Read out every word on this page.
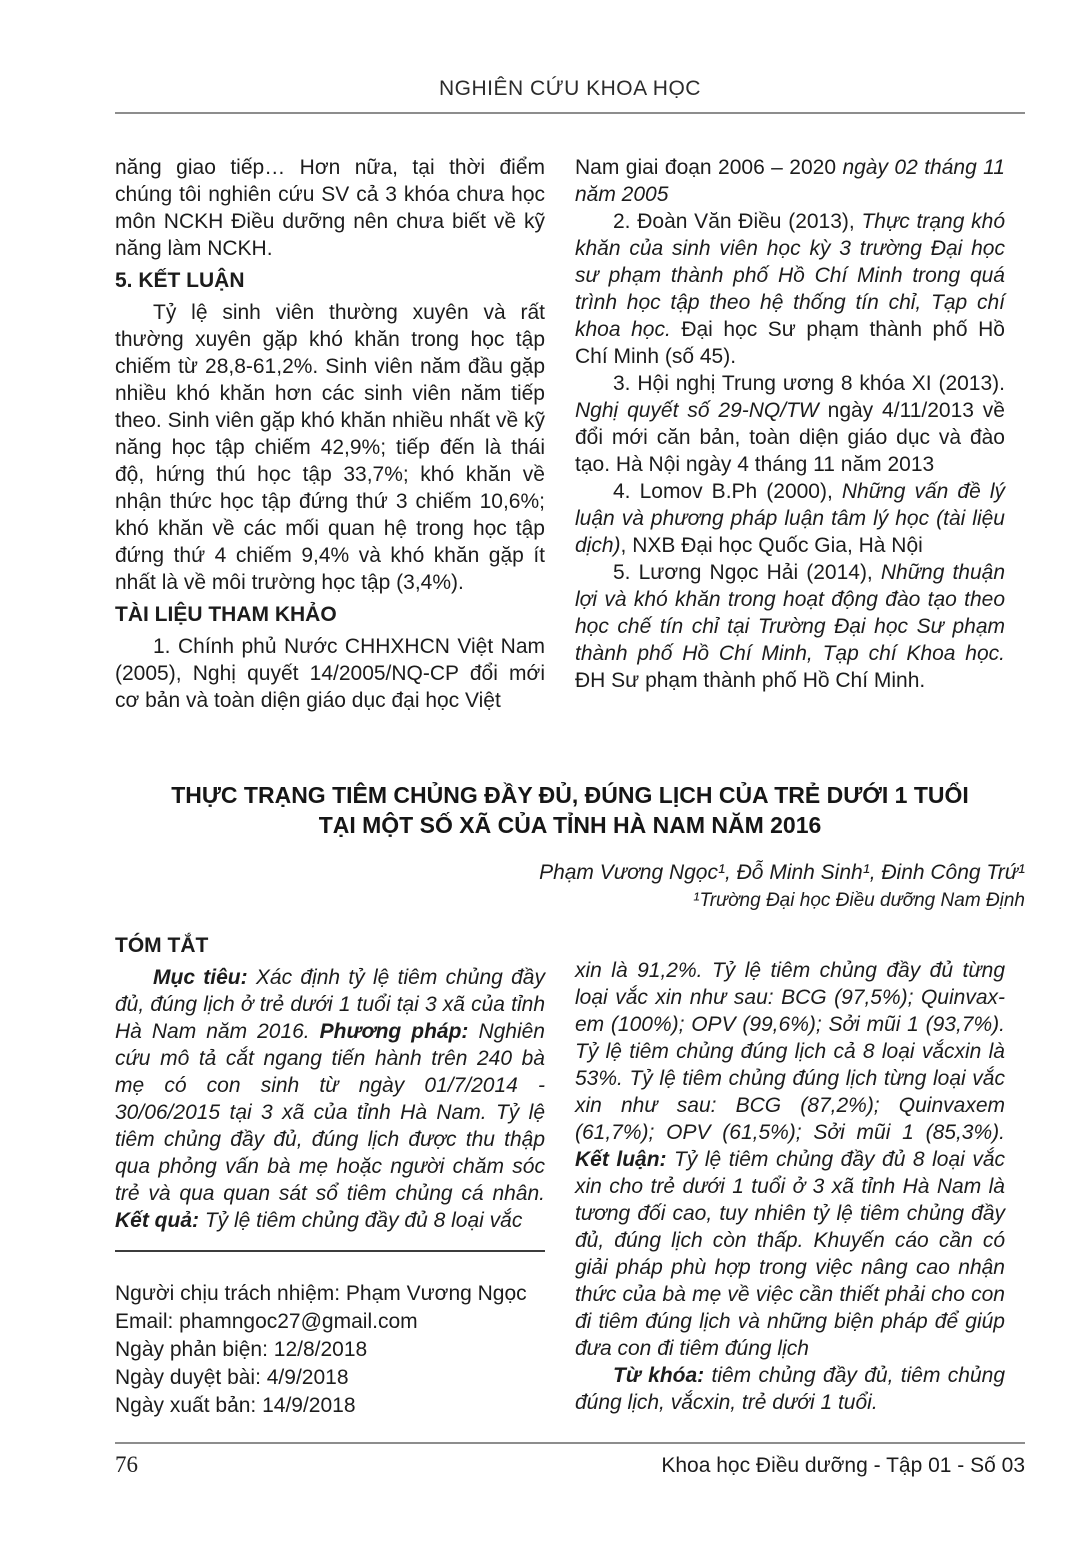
NGHIÊN CỨU KHOA HỌC

năng giao tiếp… Hơn nữa, tại thời điểm chúng tôi nghiên cứu SV cả 3 khóa chưa học môn NCKH Điều dưỡng nên chưa biết về kỹ năng làm NCKH.

5. KẾT LUẬN

Tỷ lệ sinh viên thường xuyên và rất thường xuyên gặp khó khăn trong học tập chiếm từ 28,8-61,2%. Sinh viên năm đầu gặp nhiều khó khăn hơn các sinh viên năm tiếp theo. Sinh viên gặp khó khăn nhiều nhất về kỹ năng học tập chiếm 42,9%; tiếp đến là thái độ, hứng thú học tập 33,7%; khó khăn về nhận thức học tập đứng thứ 3 chiếm 10,6%; khó khăn về các mối quan hệ trong học tập đứng thứ 4 chiếm 9,4% và khó khăn gặp ít nhất là về môi trường học tập (3,4%).

TÀI LIỆU THAM KHẢO

1. Chính phủ Nước CHHXHCN Việt Nam (2005), Nghị quyết 14/2005/NQ-CP đổi mới cơ bản và toàn diện giáo dục đại học Việt

Nam giai đoạn 2006 – 2020 ngày 02 tháng 11 năm 2005

2. Đoàn Văn Điều (2013), Thực trạng khó khăn của sinh viên học kỳ 3 trường Đại học sư phạm thành phố Hồ Chí Minh trong quá trình học tập theo hệ thống tín chỉ, Tạp chí khoa học. Đại học Sư phạm thành phố Hồ Chí Minh (số 45).

3. Hội nghị Trung ương 8 khóa XI (2013). Nghị quyết số 29-NQ/TW ngày 4/11/2013 về đổi mới căn bản, toàn diện giáo dục và đào tạo. Hà Nội ngày 4 tháng 11 năm 2013

4. Lomov B.Ph (2000), Những vấn đề lý luận và phương pháp luận tâm lý học (tài liệu dịch), NXB Đại học Quốc Gia, Hà Nội

5. Lương Ngọc Hải (2014), Những thuận lợi và khó khăn trong hoạt động đào tạo theo học chế tín chỉ tại Trường Đại học Sư phạm thành phố Hồ Chí Minh, Tạp chí Khoa học. ĐH Sư phạm thành phố Hồ Chí Minh.

THỰC TRẠNG TIÊM CHỦNG ĐẦY ĐỦ, ĐÚNG LỊCH CỦA TRẺ DƯỚI 1 TUỔI
TẠI MỘT SỐ XÃ CỦA TỈNH HÀ NAM NĂM 2016
Phạm Vương Ngọc¹, Đỗ Minh Sinh¹, Đinh Công Trứ¹
¹Trường Đại học Điều dưỡng Nam Định

TÓM TẮT

Mục tiêu: Xác định tỷ lệ tiêm chủng đầy đủ, đúng lịch ở trẻ dưới 1 tuổi tại 3 xã của tỉnh Hà Nam năm 2016. Phương pháp: Nghiên cứu mô tả cắt ngang tiến hành trên 240 bà mẹ có con sinh từ ngày 01/7/2014 - 30/06/2015 tại 3 xã của tỉnh Hà Nam. Tỷ lệ tiêm chủng đầy đủ, đúng lịch được thu thập qua phỏng vấn bà mẹ hoặc người chăm sóc trẻ và qua quan sát sổ tiêm chủng cá nhân. Kết quả: Tỷ lệ tiêm chủng đầy đủ 8 loại vắc

Người chịu trách nhiệm: Phạm Vương Ngọc

Email: phamngoc27@gmail.com

Ngày phản biện: 12/8/2018

Ngày duyệt bài: 4/9/2018

Ngày xuất bản: 14/9/2018

xin là 91,2%. Tỷ lệ tiêm chủng đầy đủ từng loại vắc xin như sau: BCG (97,5%); Quinvax-em (100%); OPV (99,6%); Sởi mũi 1 (93,7%). Tỷ lệ tiêm chủng đúng lịch cả 8 loại vắcxin là 53%. Tỷ lệ tiêm chủng đúng lịch từng loại vắc xin như sau: BCG (87,2%); Quinvaxem (61,7%); OPV (61,5%); Sởi mũi 1 (85,3%). Kết luận: Tỷ lệ tiêm chủng đầy đủ 8 loại vắc xin cho trẻ dưới 1 tuổi ở 3 xã tỉnh Hà Nam là tương đối cao, tuy nhiên tỷ lệ tiêm chủng đầy đủ, đúng lịch còn thấp. Khuyến cáo cần có giải pháp phù hợp trong việc nâng cao nhận thức của bà mẹ về việc cần thiết phải cho con đi tiêm đúng lịch và những biện pháp để giúp đưa con đi tiêm đúng lịch

Từ khóa: tiêm chủng đầy đủ, tiêm chủng đúng lịch, vắcxin, trẻ dưới 1 tuổi.

76	Khoa học Điều dưỡng - Tập 01 - Số 03
